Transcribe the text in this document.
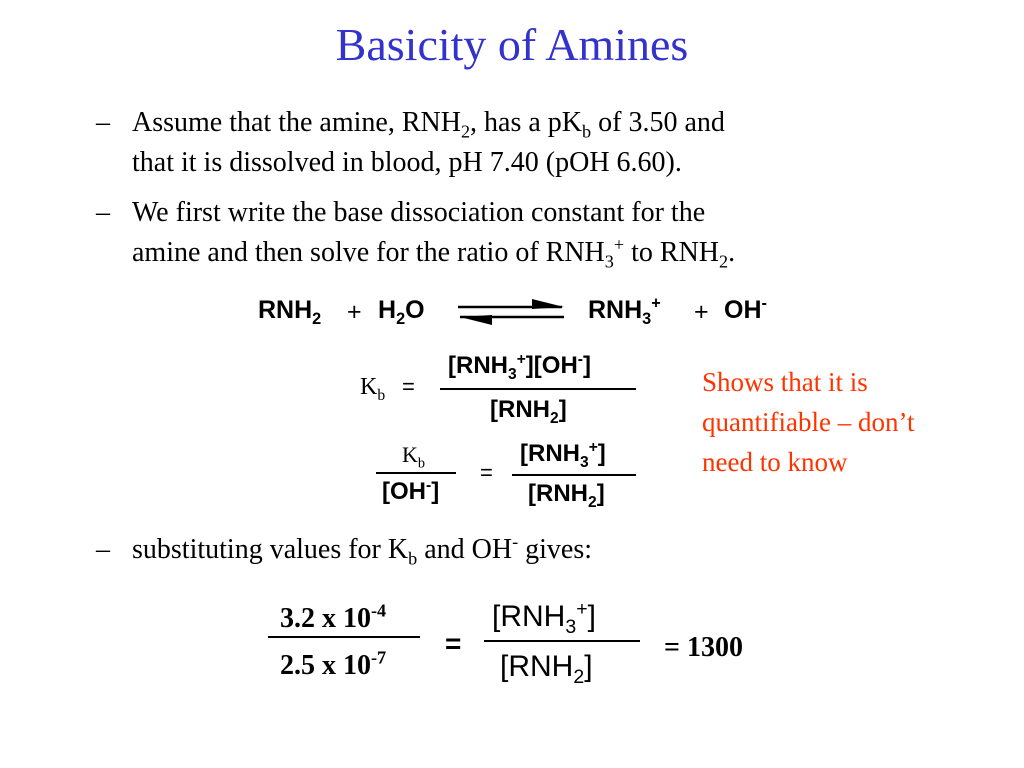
Basicity of Amines
– Assume that the amine, $RNH_2$, has a $pK_b$ of 3.50 and
that it is dissolved in blood, pH 7.40 (pOH 6.60).
– We first write the base dissociation constant for the
amine and then solve for the ratio of $RNH_3^+$ to $RNH_2$.
$RNH_2 + H_2O$	$RNH_3^+ + OH^-$
$K_b$ =
$[RNH_3^+][OH^-]$
$[RNH_2]$
$K_b$
[OH-]
=
$[RNH_3^+]$
$[RNH_2]$
Shows that it is
quantifiable – don’t
need to know
– substituting values for $K_b$ and OH- gives:
3.2 x $10^{-4}$
2.5 x $10^{-7}$ =
$[RNH_3^+]$
$[RNH_2]$
= 1300
